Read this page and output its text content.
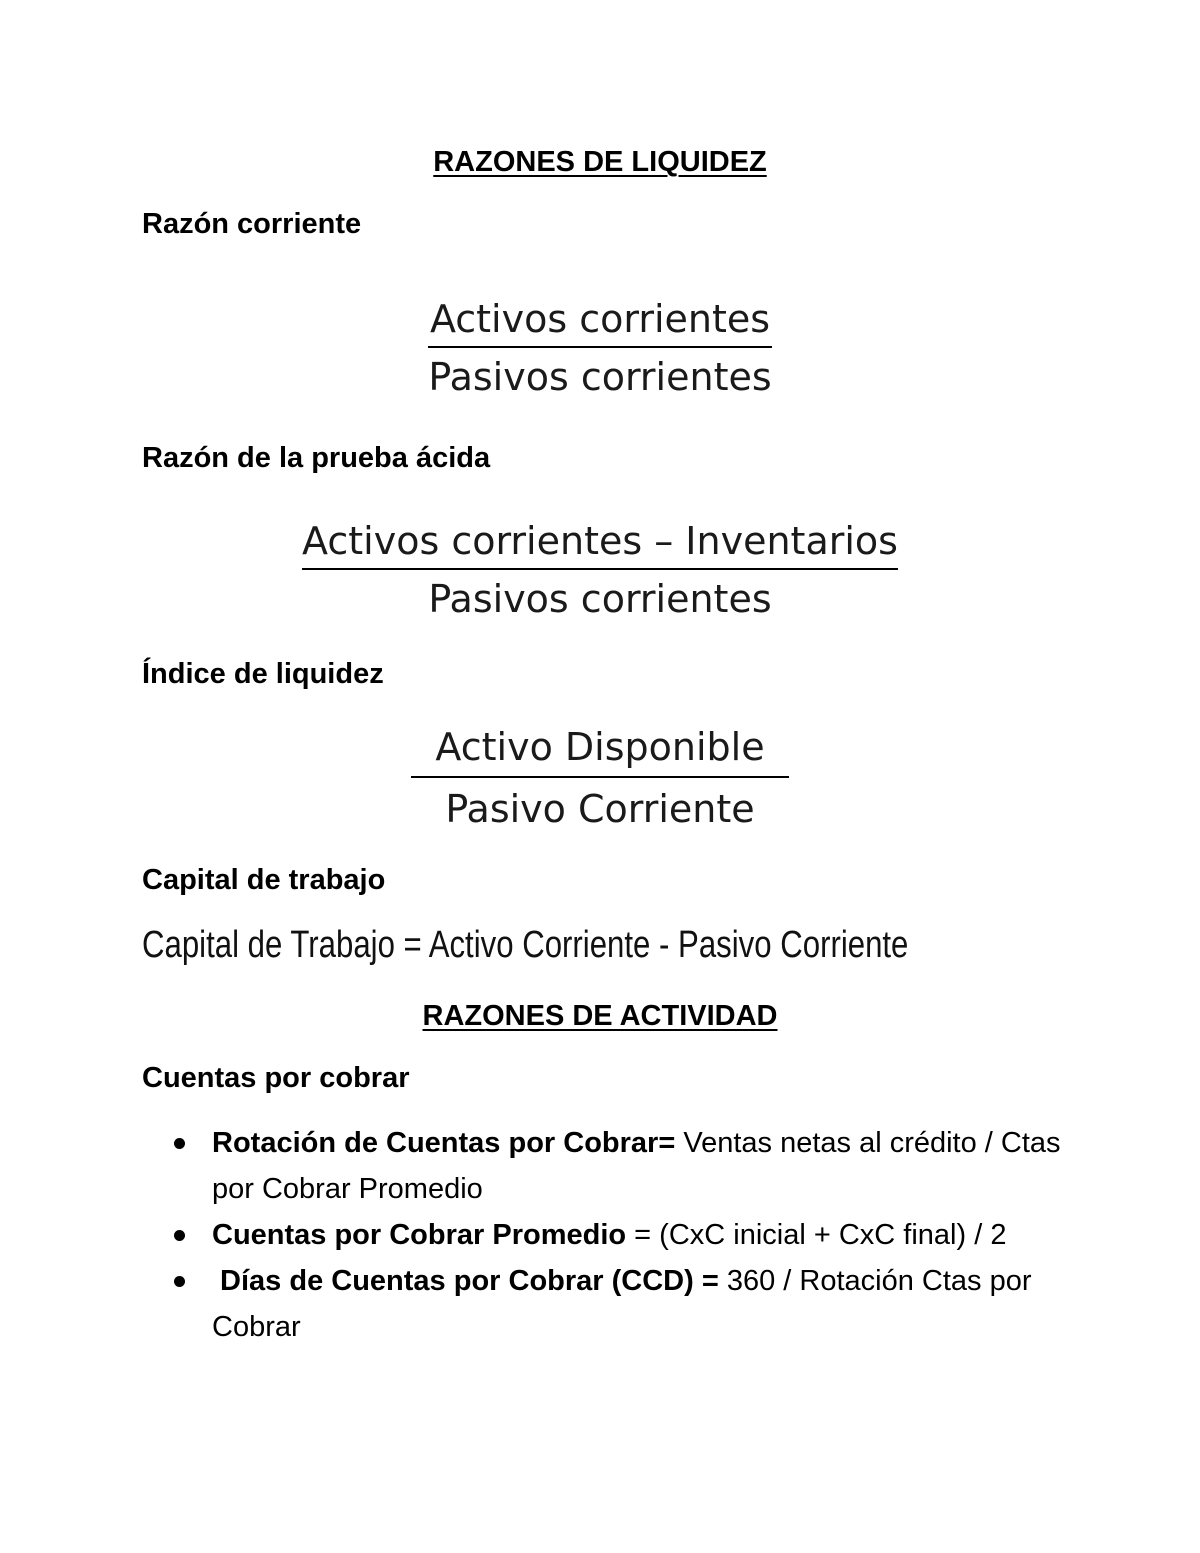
RAZONES DE LIQUIDEZ
Razón corriente
$\frac{\text{Activos corrientes}}{\text{Pasivos corrientes}}$
Razón de la prueba ácida
$\frac{\text{Activos corrientes – Inventarios}}{\text{Pasivos corrientes}}$
Índice de liquidez
$\frac{\text{Activo Disponible}}{\text{Pasivo Corriente}}$
Capital de trabajo
Capital de Trabajo = Activo Corriente - Pasivo Corriente
RAZONES DE ACTIVIDAD
Cuentas por cobrar
Rotación de Cuentas por Cobrar= Ventas netas al crédito / Ctas por Cobrar Promedio
Cuentas por Cobrar Promedio = (CxC inicial + CxC final) / 2
Días de Cuentas por Cobrar (CCD) = 360 / Rotación Ctas por Cobrar
